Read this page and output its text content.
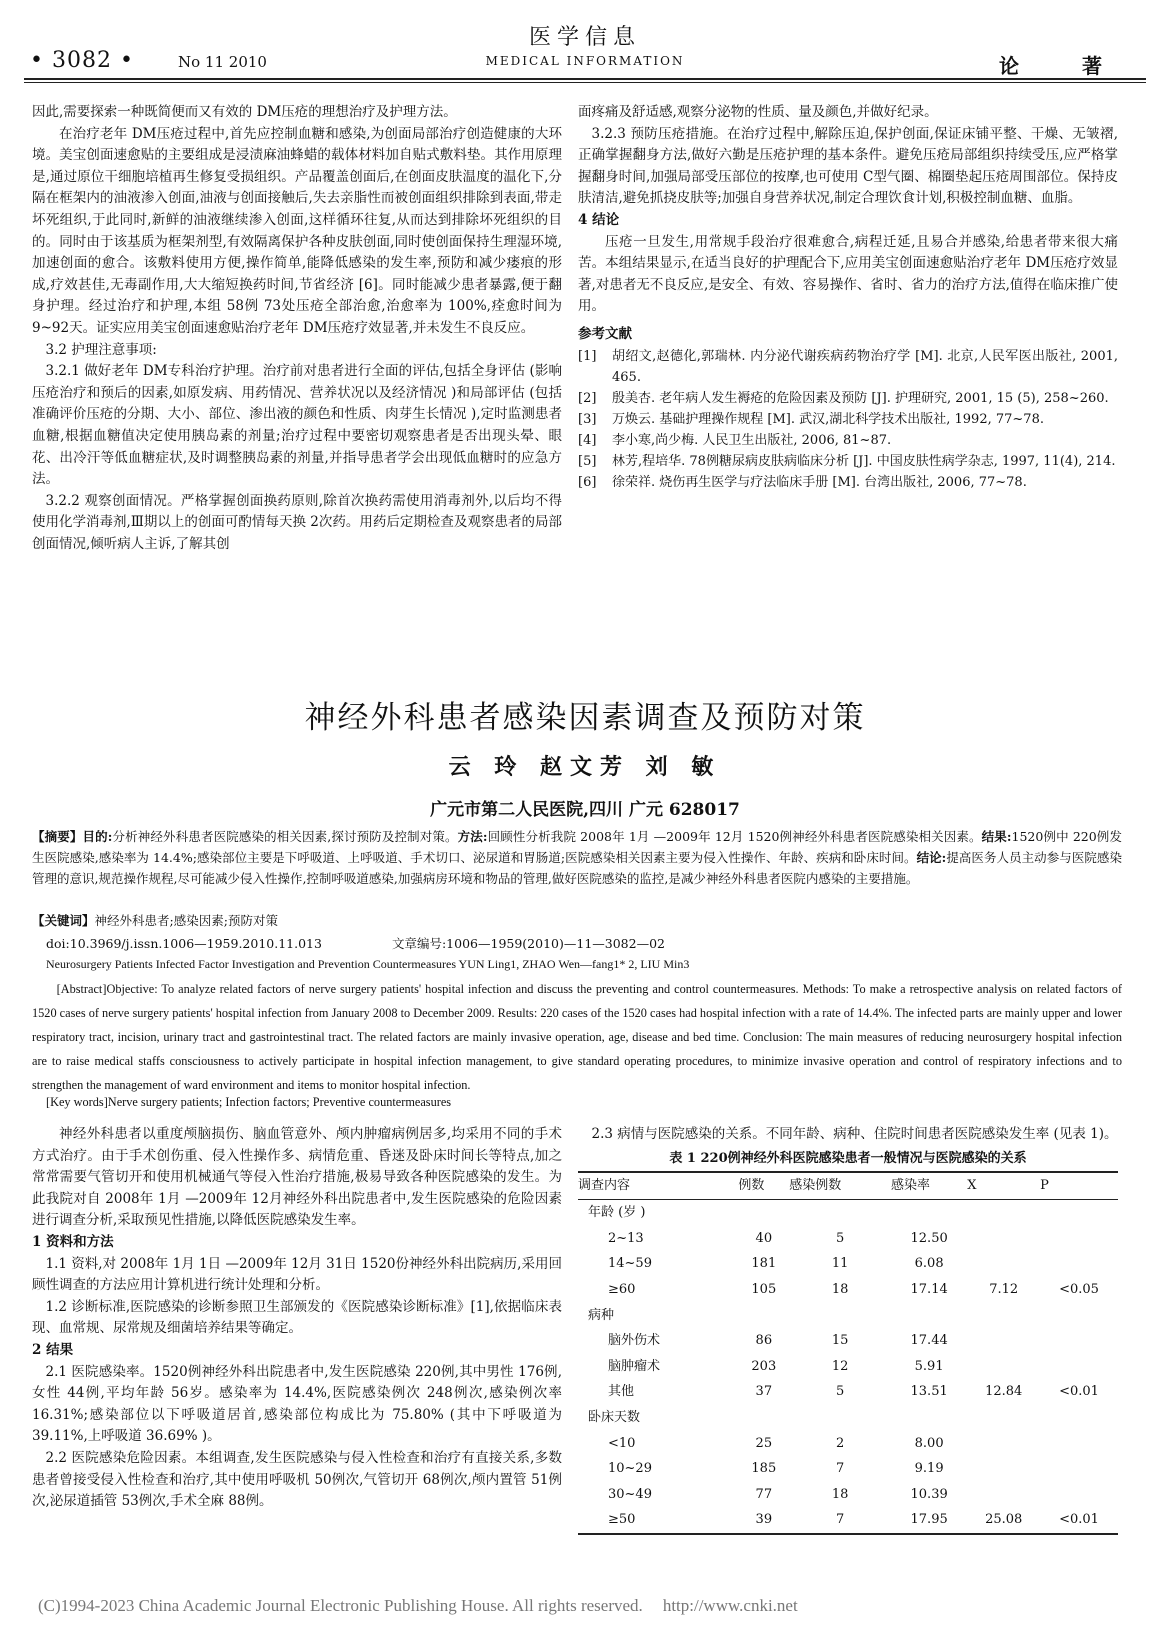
• 3082 •	No 11 2010
医学信息
MEDICAL INFORMATION	论 著

因此,需要探索一种既简便而又有效的 DM压疮的理想治疗及护理方法。

在治疗老年 DM压疮过程中,首先应控制血糖和感染,为创面局部治疗创造健康的大环境。美宝创面速愈贴的主要组成是浸渍麻油蜂蜡的载体材料加自贴式敷料垫。其作用原理是,通过原位干细胞培植再生修复受损组织。产品覆盖创面后,在创面皮肤温度的温化下,分隔在框架内的油液渗入创面,油液与创面接触后,失去亲脂性而被创面组织排除到表面,带走坏死组织,于此同时,新鲜的油液继续渗入创面,这样循环往复,从而达到排除坏死组织的目的。同时由于该基质为框架剂型,有效隔离保护各种皮肤创面,同时使创面保持生理湿环境,加速创面的愈合。该敷料使用方便,操作简单,能降低感染的发生率,预防和减少瘘痕的形成,疗效甚佳,无毒副作用,大大缩短换药时间,节省经济 [6]。同时能减少患者暴露,便于翻身护理。经过治疗和护理,本组 58例 73处压疮全部治愈,治愈率为 100%,痊愈时间为 9~92天。证实应用美宝创面速愈贴治疗老年 DM压疮疗效显著,并未发生不良反应。

3.2 护理注意事项:

3.2.1 做好老年 DM专科治疗护理。治疗前对患者进行全面的评估,包括全身评估 (影响压疮治疗和预后的因素,如原发病、用药情况、营养状况以及经济情况 )和局部评估 (包括准确评价压疮的分期、大小、部位、渗出液的颜色和性质、肉芽生长情况 ),定时监测患者血糖,根据血糖值决定使用胰岛素的剂量;治疗过程中要密切观察患者是否出现头晕、眼花、出冷汗等低血糖症状,及时调整胰岛素的剂量,并指导患者学会出现低血糖时的应急方法。

3.2.2 观察创面情况。严格掌握创面换药原则,除首次换药需使用消毒剂外,以后均不得使用化学消毒剂,Ⅲ期以上的创面可酌情每天换 2次药。用药后定期检查及观察患者的局部创面情况,倾听病人主诉,了解其创

面疼痛及舒适感,观察分泌物的性质、量及颜色,并做好纪录。

3.2.3 预防压疮措施。在治疗过程中,解除压迫,保护创面,保证床铺平整、干燥、无皱褶,正确掌握翻身方法,做好六勤是压疮护理的基本条件。避免压疮局部组织持续受压,应严格掌握翻身时间,加强局部受压部位的按摩,也可使用 C型气圈、棉圈垫起压疮周围部位。保持皮肤清洁,避免抓挠皮肤等;加强自身营养状况,制定合理饮食计划,积极控制血糖、血脂。

4 结论

压疮一旦发生,用常规手段治疗很难愈合,病程迁延,且易合并感染,给患者带来很大痛苦。本组结果显示,在适当良好的护理配合下,应用美宝创面速愈贴治疗老年 DM压疮疗效显著,对患者无不良反应,是安全、有效、容易操作、省时、省力的治疗方法,值得在临床推广使用。

参考文献

[1]	胡绍文,赵德化,郭瑞林. 内分泌代谢疾病药物治疗学 [M]. 北京,人民军医出版社, 2001, 465.
[2]	殷美杏. 老年病人发生褥疮的危险因素及预防 [J]. 护理研究, 2001, 15 (5), 258~260.
[3]	万焕云. 基础护理操作规程 [M]. 武汉,湖北科学技术出版社, 1992, 77~78.
[4]	李小寒,尚少梅. 人民卫生出版社, 2006, 81~87.
[5]	林芳,程培华. 78例糖尿病皮肤病临床分析 [J]. 中国皮肤性病学杂志, 1997, 11(4), 214.
[6]	徐荣祥. 烧伤再生医学与疗法临床手册 [M]. 台湾出版社, 2006, 77~78.
神经外科患者感染因素调查及预防对策
云 玲 赵文芳 刘 敏
广元市第二人民医院,四川 广元 628017
【摘要】目的:分析神经外科患者医院感染的相关因素,探讨预防及控制对策。方法:回顾性分析我院 2008年 1月 —2009年 12月 1520例神经外科患者医院感染相关因素。结果:1520例中 220例发生医院感染,感染率为 14.4%;感染部位主要是下呼吸道、上呼吸道、手术切口、泌尿道和胃肠道;医院感染相关因素主要为侵入性操作、年龄、疾病和卧床时间。结论:提高医务人员主动参与医院感染管理的意识,规范操作规程,尽可能减少侵入性操作,控制呼吸道感染,加强病房环境和物品的管理,做好医院感染的监控,是减少神经外科患者医院内感染的主要措施。
【关键词】神经外科患者;感染因素;预防对策
doi:10.3969/j.issn.1006—1959.2010.11.013	文章编号:1006—1959(2010)—11—3082—02
Neurosurgery Patients Infected Factor Investigation and Prevention Countermeasures YUN Ling1, ZHAO Wen—fang1* 2, LIU Min3
[Abstract]Objective: To analyze related factors of nerve surgery patients' hospital infection and discuss the preventing and control countermeasures. Methods: To make a retrospective analysis on related factors of 1520 cases of nerve surgery patients' hospital infection from January 2008 to December 2009. Results: 220 cases of the 1520 cases had hospital infection with a rate of 14.4%. The infected parts are mainly upper and lower respiratory tract, incision, urinary tract and gastrointestinal tract. The related factors are mainly invasive operation, age, disease and bed time. Conclusion: The main measures of reducing neurosurgery hospital infection are to raise medical staffs consciousness to actively participate in hospital infection management, to give standard operating procedures, to minimize invasive operation and control of respiratory infections and to strengthen the management of ward environment and items to monitor hospital infection.
[Key words]Nerve surgery patients; Infection factors; Preventive countermeasures

神经外科患者以重度颅脑损伤、脑血管意外、颅内肿瘤病例居多,均采用不同的手术方式治疗。由于手术创伤重、侵入性操作多、病情危重、昏迷及卧床时间长等特点,加之常常需要气管切开和使用机械通气等侵入性治疗措施,极易导致各种医院感染的发生。为此我院对自 2008年 1月 —2009年 12月神经外科出院患者中,发生医院感染的危险因素进行调查分析,采取预见性措施,以降低医院感染发生率。

1 资料和方法

1.1 资料,对 2008年 1月 1日 —2009年 12月 31日 1520份神经外科出院病历,采用回顾性调查的方法应用计算机进行统计处理和分析。

1.2 诊断标准,医院感染的诊断参照卫生部颁发的《医院感染诊断标准》[1],依据临床表现、血常规、尿常规及细菌培养结果等确定。

2 结果

2.1 医院感染率。1520例神经外科出院患者中,发生医院感染 220例,其中男性 176例,女性 44例,平均年龄 56岁。感染率为 14.4%,医院感染例次 248例次,感染例次率 16.31%;感染部位以下呼吸道居首,感染部位构成比为 75.80% (其中下呼吸道为 39.11%,上呼吸道 36.69% )。

2.2 医院感染危险因素。本组调查,发生医院感染与侵入性检查和治疗有直接关系,多数患者曾接受侵入性检查和治疗,其中使用呼吸机 50例次,气管切开 68例次,颅内置管 51例次,泌尿道插管 53例次,手术全麻 88例。

2.3 病情与医院感染的关系。不同年龄、病种、住院时间患者医院感染发生率 (见表 1)。

表 1 220例神经外科医院感染患者一般情况与医院感染的关系

调查内容	例数	感染例数	感染率	X	P
年龄 (岁 )					
2~13	40	5	12.50		
14~59	181	11	6.08		
≥60	105	18	17.14	7.12	<0.05
病种					
脑外伤术	86	15	17.44		
脑肿瘤术	203	12	5.91		
其他	37	5	13.51	12.84	<0.01
卧床天数					
<10	25	2	8.00		
10~29	185	7	9.19		
30~49	77	18	10.39		
≥50	39	7	17.95	25.08	<0.01
(C)1994-2023 China Academic Journal Electronic Publishing House. All rights reserved. http://www.cnki.net
